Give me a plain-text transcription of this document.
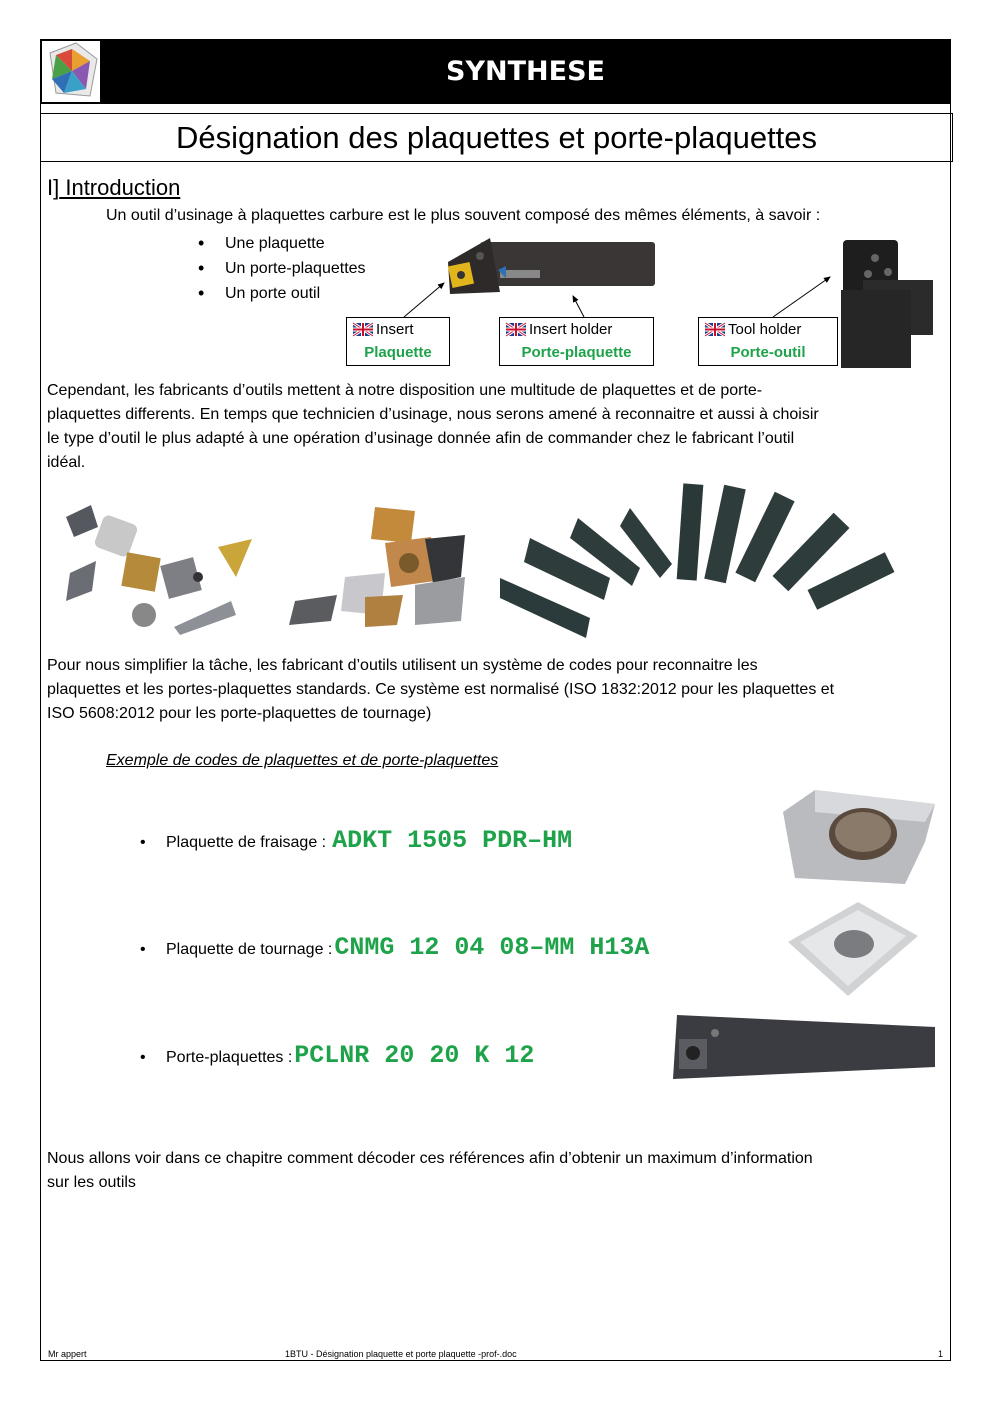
SYNTHESE
Désignation des plaquettes et porte-plaquettes
I] Introduction
Un outil d’usinage à plaquettes carbure est le plus souvent composé des mêmes éléments, à savoir :
• Une plaquette
• Un porte-plaquettes
• Un porte outil
Insert
Plaquette
Insert holder
Porte-plaquette
Tool holder
Porte-outil
Cependant, les fabricants d’outils mettent à notre disposition une multitude de plaquettes et de porte-
plaquettes differents. En temps que technicien d’usinage, nous serons amené à reconnaitre et aussi à choisir
le type d’outil le plus adapté à une opération d’usinage donnée afin de commander chez le fabricant l’outil
idéal.
Pour nous simplifier la tâche, les fabricant d’outils utilisent un système de codes pour reconnaitre les
plaquettes et les portes-plaquettes standards. Ce système est normalisé (ISO 1832:2012 pour les plaquettes et
ISO 5608:2012 pour les porte-plaquettes de tournage)
Exemple de codes de plaquettes et de porte-plaquettes
•	Plaquette de fraisage : ADKT 1505 PDR–HM
•	Plaquette de tournage : CNMG 12 04 08–MM H13A
•	Porte-plaquettes : PCLNR 20 20 K 12
Nous allons voir dans ce chapitre comment décoder ces références afin d’obtenir un maximum d’information
sur les outils
Mr appert	1BTU - Désignation plaquette et porte plaquette -prof-.doc	1
